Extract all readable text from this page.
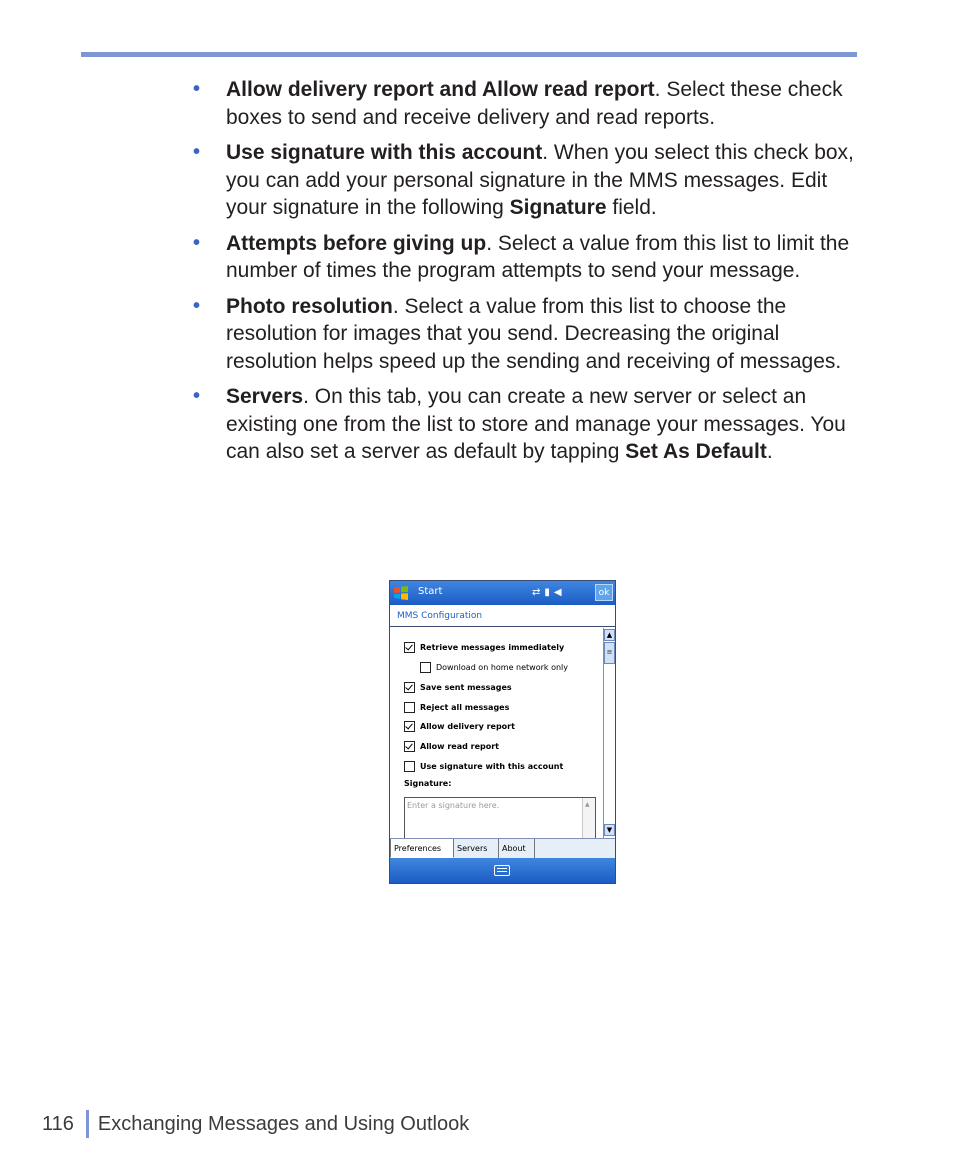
• Allow delivery report and Allow read report. Select these check boxes to send and receive delivery and read reports.
• Use signature with this account. When you select this check box, you can add your personal signature in the MMS messages. Edit your signature in the following Signature field.
• Attempts before giving up. Select a value from this list to limit the number of times the program attempts to send your message.
• Photo resolution. Select a value from this list to choose the resolution for images that you send. Decreasing the original resolution helps speed up the sending and receiving of messages.
• Servers. On this tab, you can create a new server or select an existing one from the list to store and manage your messages. You can also set a server as default by tapping Set As Default.
Start	⇄ ▮ ◀	ok
MMS Configuration
Retrieve messages immediately
Download on home network only
Save sent messages
Reject all messages
Allow delivery report
Allow read report
Use signature with this account
Signature:
Enter a signature here.	▲
▲
≡
▼
Preferences	Servers	About
116 Exchanging Messages and Using Outlook
